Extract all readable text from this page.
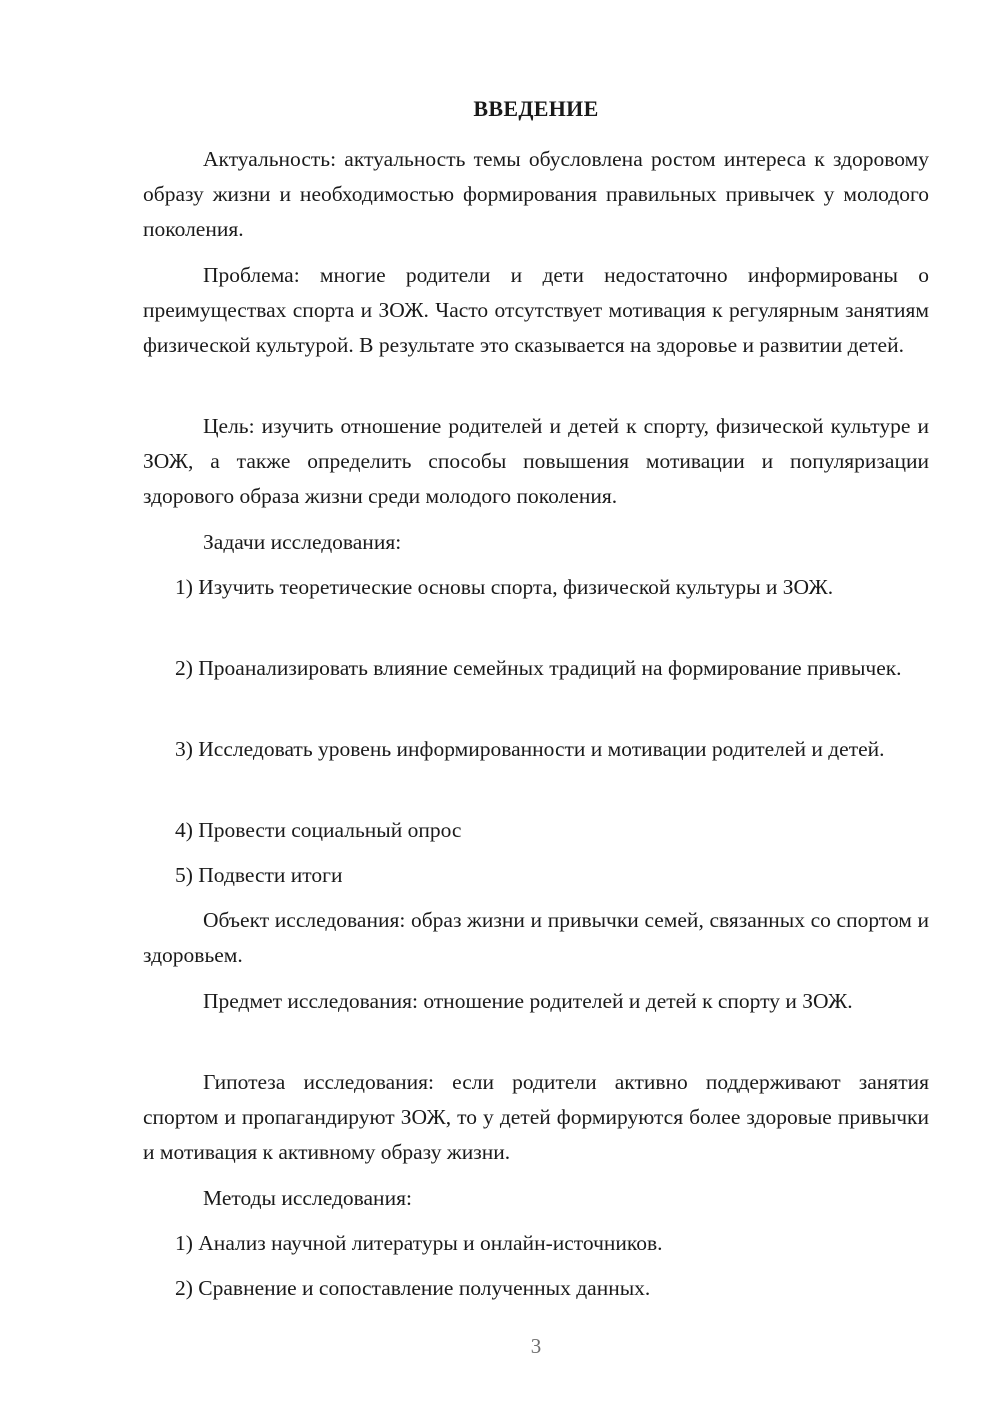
ВВЕДЕНИЕ

Актуальность: актуальность темы обусловлена ростом интереса к здоровому образу жизни и необходимостью формирования правильных привычек у молодого поколения.

Проблема: многие родители и дети недостаточно информированы о преимуществах спорта и ЗОЖ. Часто отсутствует мотивация к регулярным занятиям физической культурой. В результате это сказывается на здоровье и развитии детей.

Цель: изучить отношение родителей и детей к спорту, физической культуре и ЗОЖ, а также определить способы повышения мотивации и популяризации здорового образа жизни среди молодого поколения.

Задачи исследования:

1) Изучить теоретические основы спорта, физической культуры и ЗОЖ.

2) Проанализировать влияние семейных традиций на формирование привычек.

3) Исследовать уровень информированности и мотивации родителей и детей.

4) Провести социальный опрос

5) Подвести итоги

Объект исследования: образ жизни и привычки семей, связанных со спортом и здоровьем.

Предмет исследования: отношение родителей и детей к спорту и ЗОЖ.

Гипотеза исследования: если родители активно поддерживают занятия спортом и пропагандируют ЗОЖ, то у детей формируются более здоровые привычки и мотивация к активному образу жизни.

Методы исследования:

1) Анализ научной литературы и онлайн-источников.

2) Сравнение и сопоставление полученных данных.

3
